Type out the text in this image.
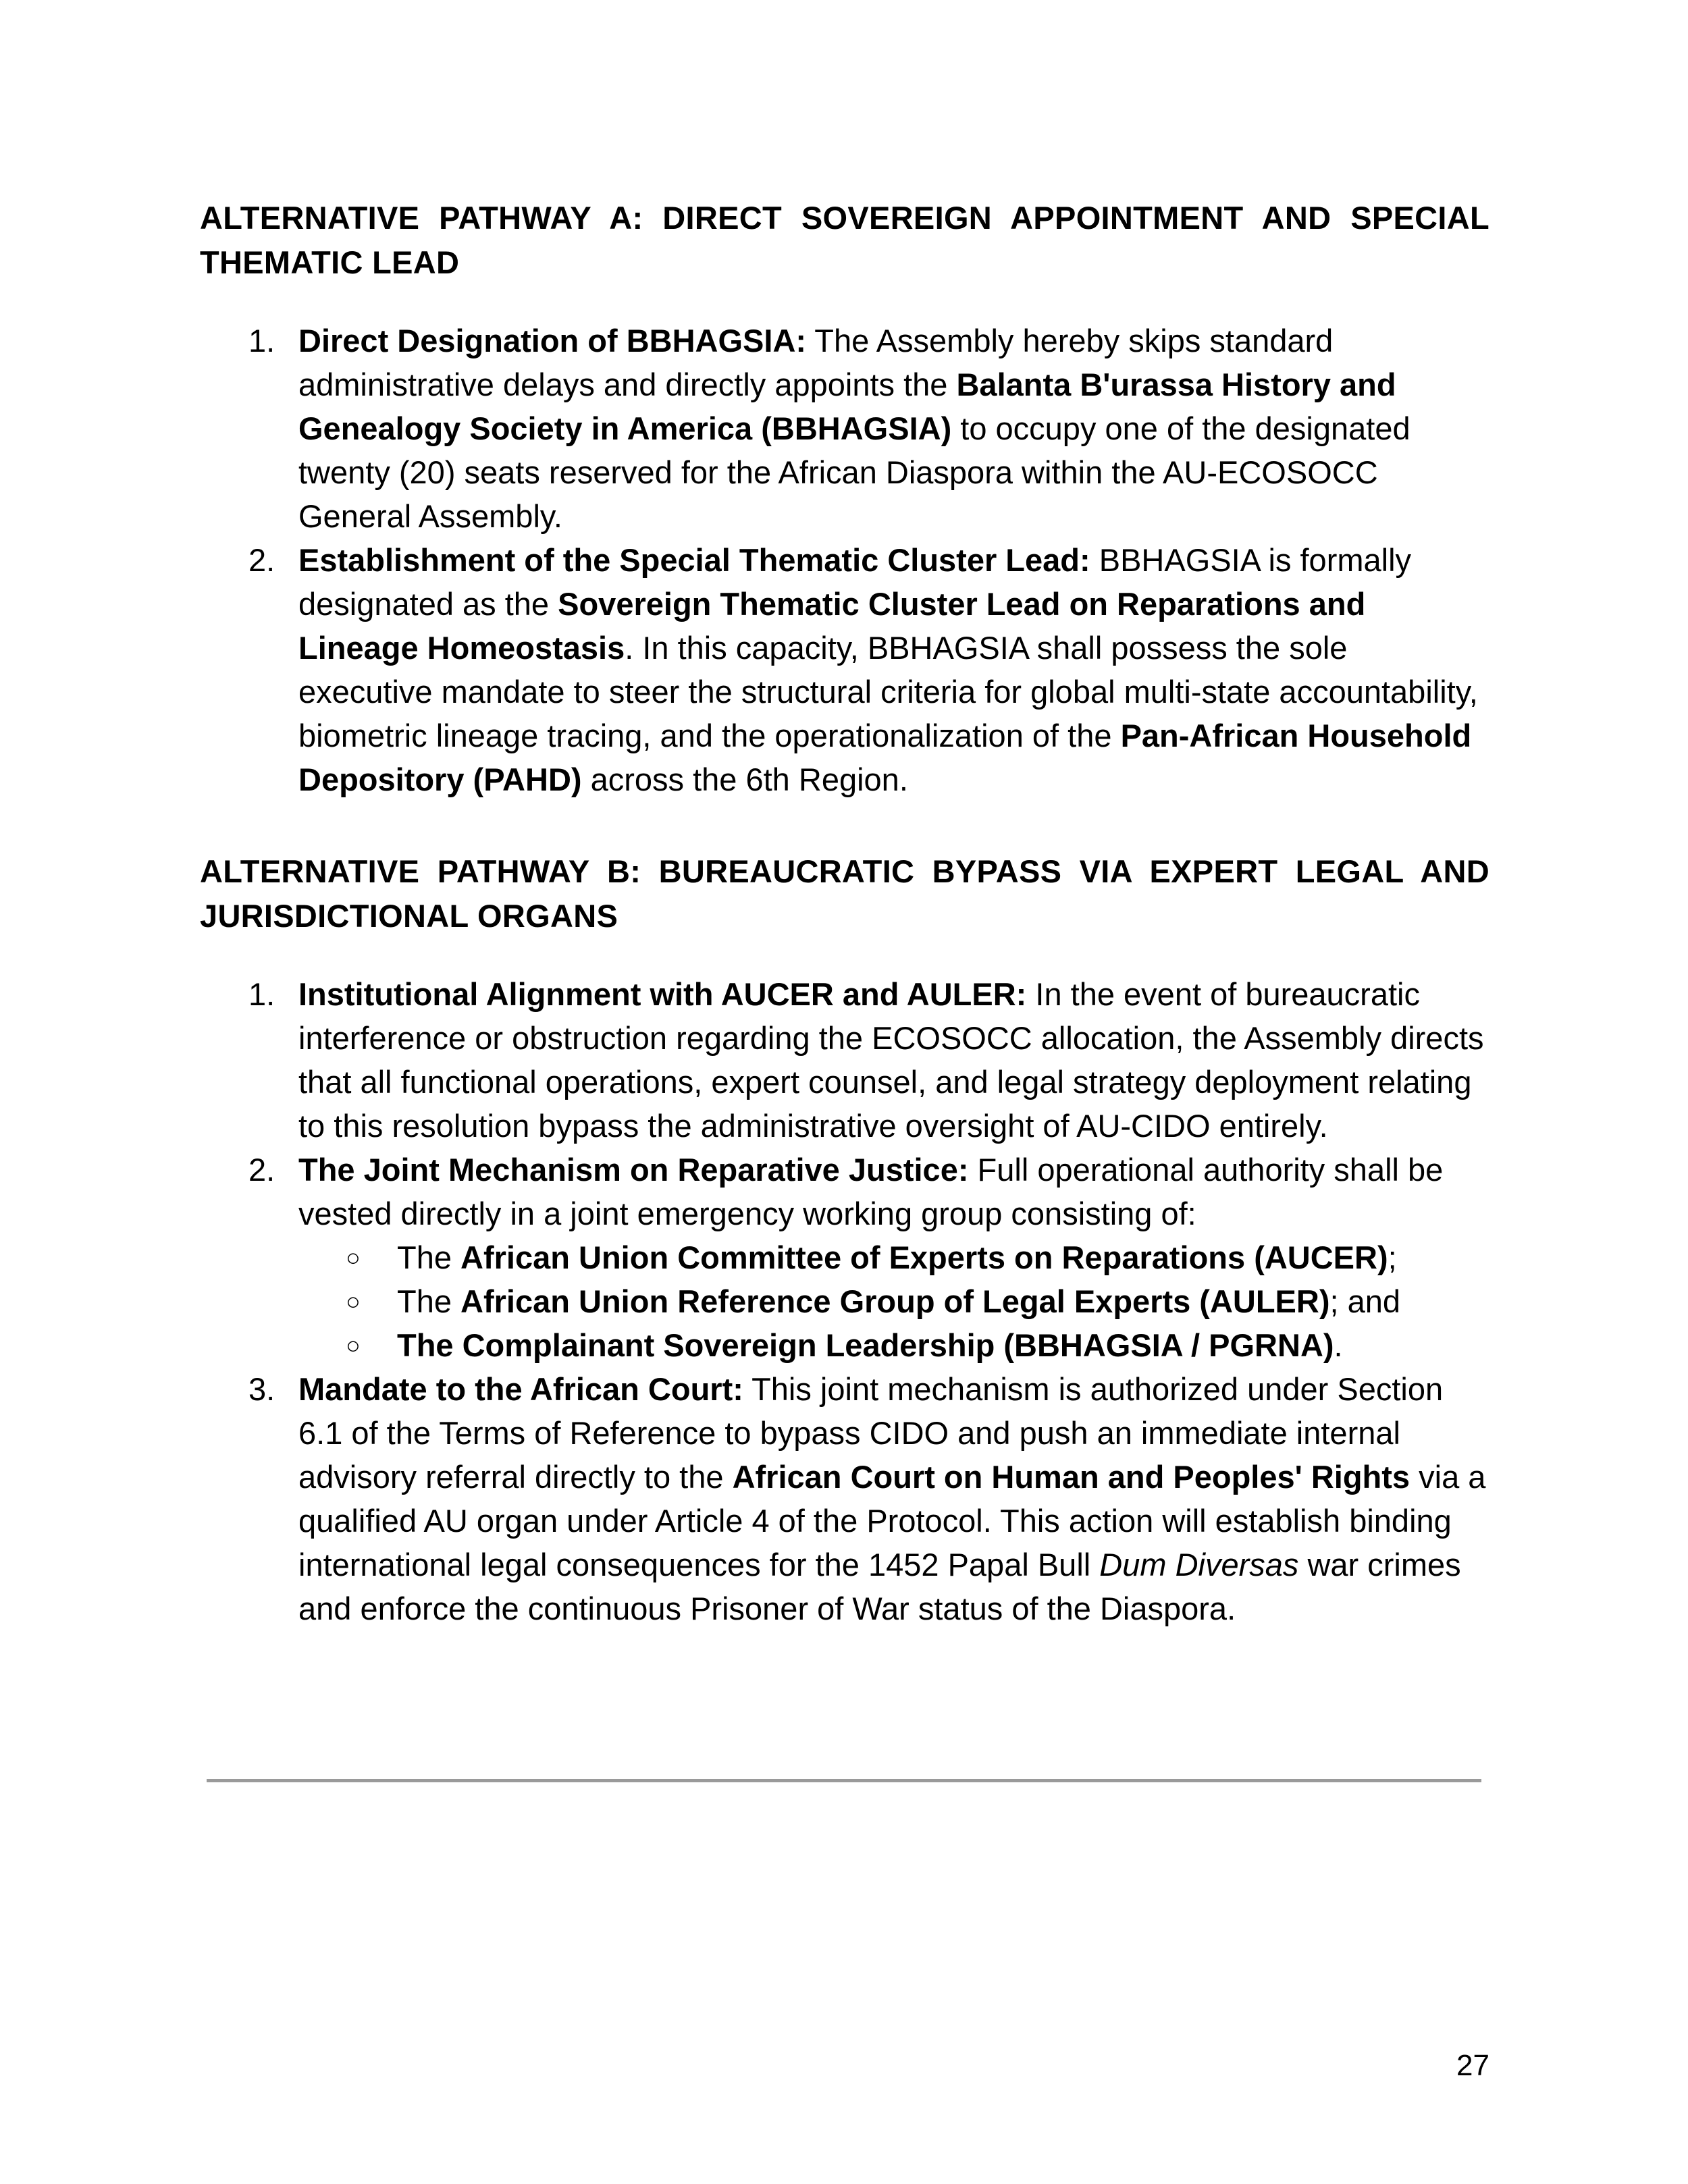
ALTERNATIVE PATHWAY A: DIRECT SOVEREIGN APPOINTMENT AND SPECIAL THEMATIC LEAD
1. Direct Designation of BBHAGSIA: The Assembly hereby skips standard administrative delays and directly appoints the Balanta B'urassa History and Genealogy Society in America (BBHAGSIA) to occupy one of the designated twenty (20) seats reserved for the African Diaspora within the AU-ECOSOCC General Assembly.
2. Establishment of the Special Thematic Cluster Lead: BBHAGSIA is formally designated as the Sovereign Thematic Cluster Lead on Reparations and Lineage Homeostasis. In this capacity, BBHAGSIA shall possess the sole executive mandate to steer the structural criteria for global multi-state accountability, biometric lineage tracing, and the operationalization of the Pan-African Household Depository (PAHD) across the 6th Region.
ALTERNATIVE PATHWAY B: BUREAUCRATIC BYPASS VIA EXPERT LEGAL AND JURISDICTIONAL ORGANS
1. Institutional Alignment with AUCER and AULER: In the event of bureaucratic interference or obstruction regarding the ECOSOCC allocation, the Assembly directs that all functional operations, expert counsel, and legal strategy deployment relating to this resolution bypass the administrative oversight of AU-CIDO entirely.
2. The Joint Mechanism on Reparative Justice: Full operational authority shall be vested directly in a joint emergency working group consisting of:
○ The African Union Committee of Experts on Reparations (AUCER);
○ The African Union Reference Group of Legal Experts (AULER); and
○ The Complainant Sovereign Leadership (BBHAGSIA / PGRNA).
3. Mandate to the African Court: This joint mechanism is authorized under Section 6.1 of the Terms of Reference to bypass CIDO and push an immediate internal advisory referral directly to the African Court on Human and Peoples' Rights via a qualified AU organ under Article 4 of the Protocol. This action will establish binding international legal consequences for the 1452 Papal Bull Dum Diversas war crimes and enforce the continuous Prisoner of War status of the Diaspora.
27
